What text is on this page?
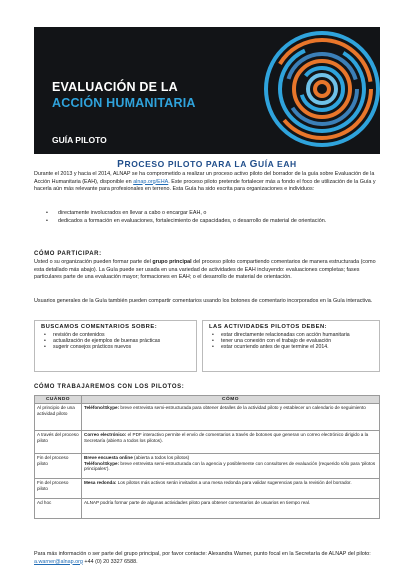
EVALUACIÓN DE LA
ACCIÓN HUMANITARIA
GUÍA PILOTO
PROCESO PILOTO PARA LA GUÍA EAH
Durante el 2013 y hacia el 2014, ALNAP se ha comprometido a realizar un proceso activo piloto del borrador de la guía sobre Evaluación de la Acción Humanitaria (EAH), disponible en alnap.org/EHA. Este proceso piloto pretende fortalecer más a fondo el foco de utilización de la Guía y hacerla aún más relevante para profesionales en terreno. Esta Guía ha sido escrita para organizaciones e individuos:
• directamente involucrados en llevar a cabo o encargar EAH, o
• dedicados a formación en evaluaciones, fortalecimiento de capacidades, o desarrollo de material de orientación.
CÓMO PARTICIPAR:
Usted o su organización pueden formar parte del grupo principal del proceso piloto compartiendo comentarios de manera estructurada (como esta detallado más abajo). La Guía puede ser usada en una variedad de actividades de EAH incluyendo: evaluaciones completas; fases particulares parte de una evaluación mayor; formaciones en EAH; o el desarrollo de material de orientación.
Usuarios generales de la Guía también pueden compartir comentarios usando los botones de comentario incorporados en la Guía interactiva.
BUSCAMOS COMENTARIOS SOBRE:
• revisión de contenidos
• actualización de ejemplos de buenas prácticas
• sugerir consejos prácticos nuevos
LAS ACTIVIDADES PILOTOS DEBEN:
• estar directamente relacionadas con acción humanitaria
• tener una conexión con el trabajo de evaluación
• estar ocurriendo antes de que termine el 2014.
CÓMO TRABAJAREMOS CON LOS PILOTOS:
CUÁNDO	CÓMO
Al principio de una actividad piloto	Teléfono/Skype: breve entrevista semi-estructurada para obtener detalles de la actividad piloto y establecer un calendario de seguimiento
A través del proceso piloto	Correo electrónico: el PDF interactivo permite el envío de comentarios a través de botones que generan un correo electrónico dirigido a la Secretaría (abierto a todos los pilotos).
Fin del proceso piloto	Breve encuesta online (abierta a todos los pilotos)
Teléfono/Skype: breve entrevista semi-estructurada con la agencia y posiblemente con consultores de evaluación (requerido sólo para 'pilotos principales').
Fin del proceso piloto	Mesa redonda: Los pilotos más activos serán invitados a una mesa redonda para validar sugerencias para la revisión del borrador.
Ad hoc	ALNAP podría formar parte de algunas actividades piloto para obtener comentarios de usuarios en tiempo real.
Para más información o ser parte del grupo principal, por favor contacte: Alexandra Warner, punto focal en la Secretaría de ALNAP del piloto: a.warner@alnap.org +44 (0) 20 3327 6588.
